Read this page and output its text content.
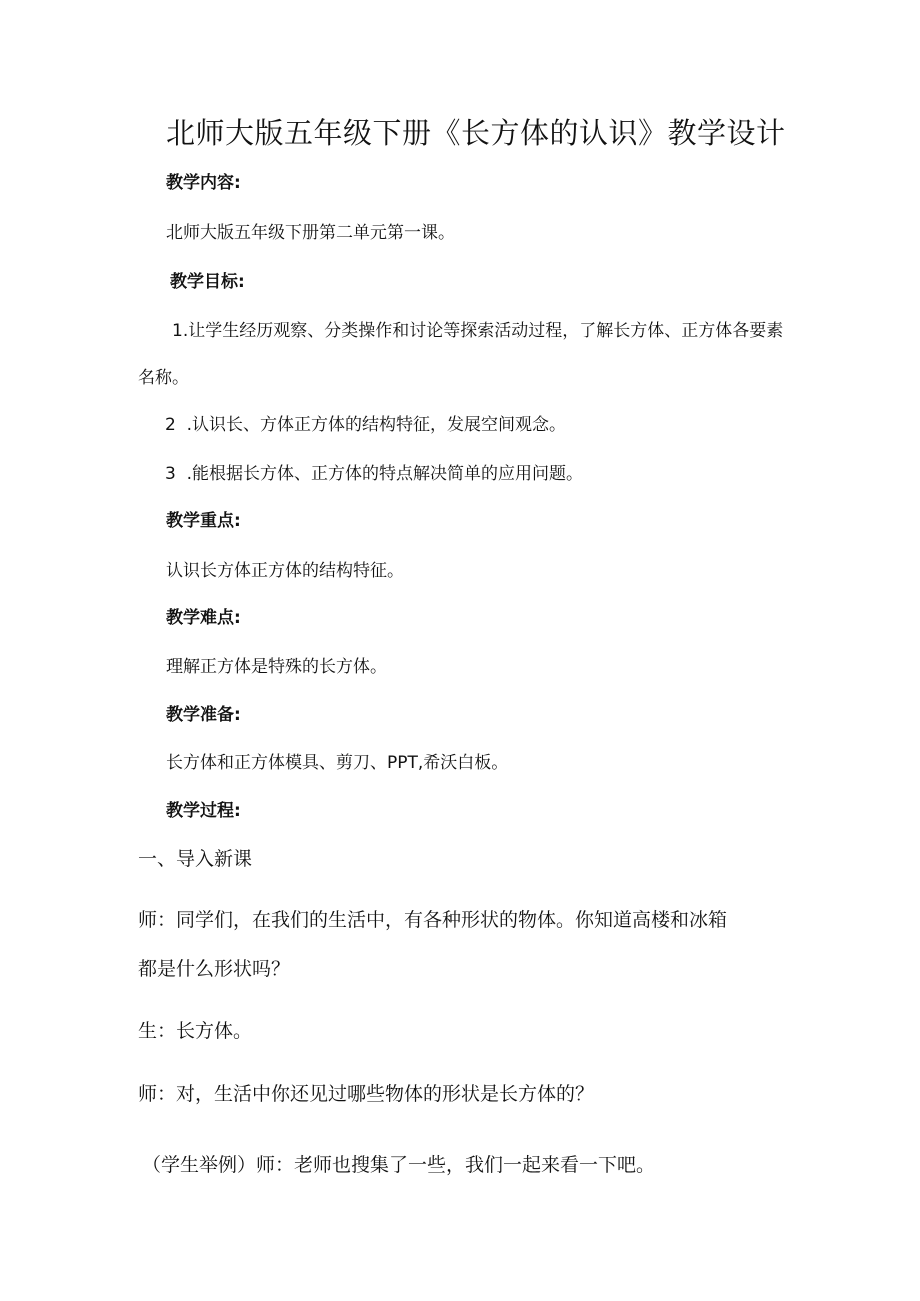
北师大版五年级下册《长方体的认识》教学设计
教学内容:
北师大版五年级下册第二单元第一课。
教学目标:
1.让学生经历观察、分类操作和讨论等探索活动过程，了解长方体、正方体各要素
名称。
2  .认识长、方体正方体的结构特征，发展空间观念。
3  .能根据长方体、正方体的特点解决简单的应用问题。
教学重点:
认识长方体正方体的结构特征。
教学难点:
理解正方体是特殊的长方体。
教学准备:
长方体和正方体模具、剪刀、PPT,希沃白板。
教学过程:
一、导入新课
师：同学们，在我们的生活中，有各种形状的物体。你知道高楼和冰箱
都是什么形状吗？
生：长方体。
师：对，生活中你还见过哪些物体的形状是长方体的？
（学生举例）师：老师也搜集了一些，我们一起来看一下吧。
